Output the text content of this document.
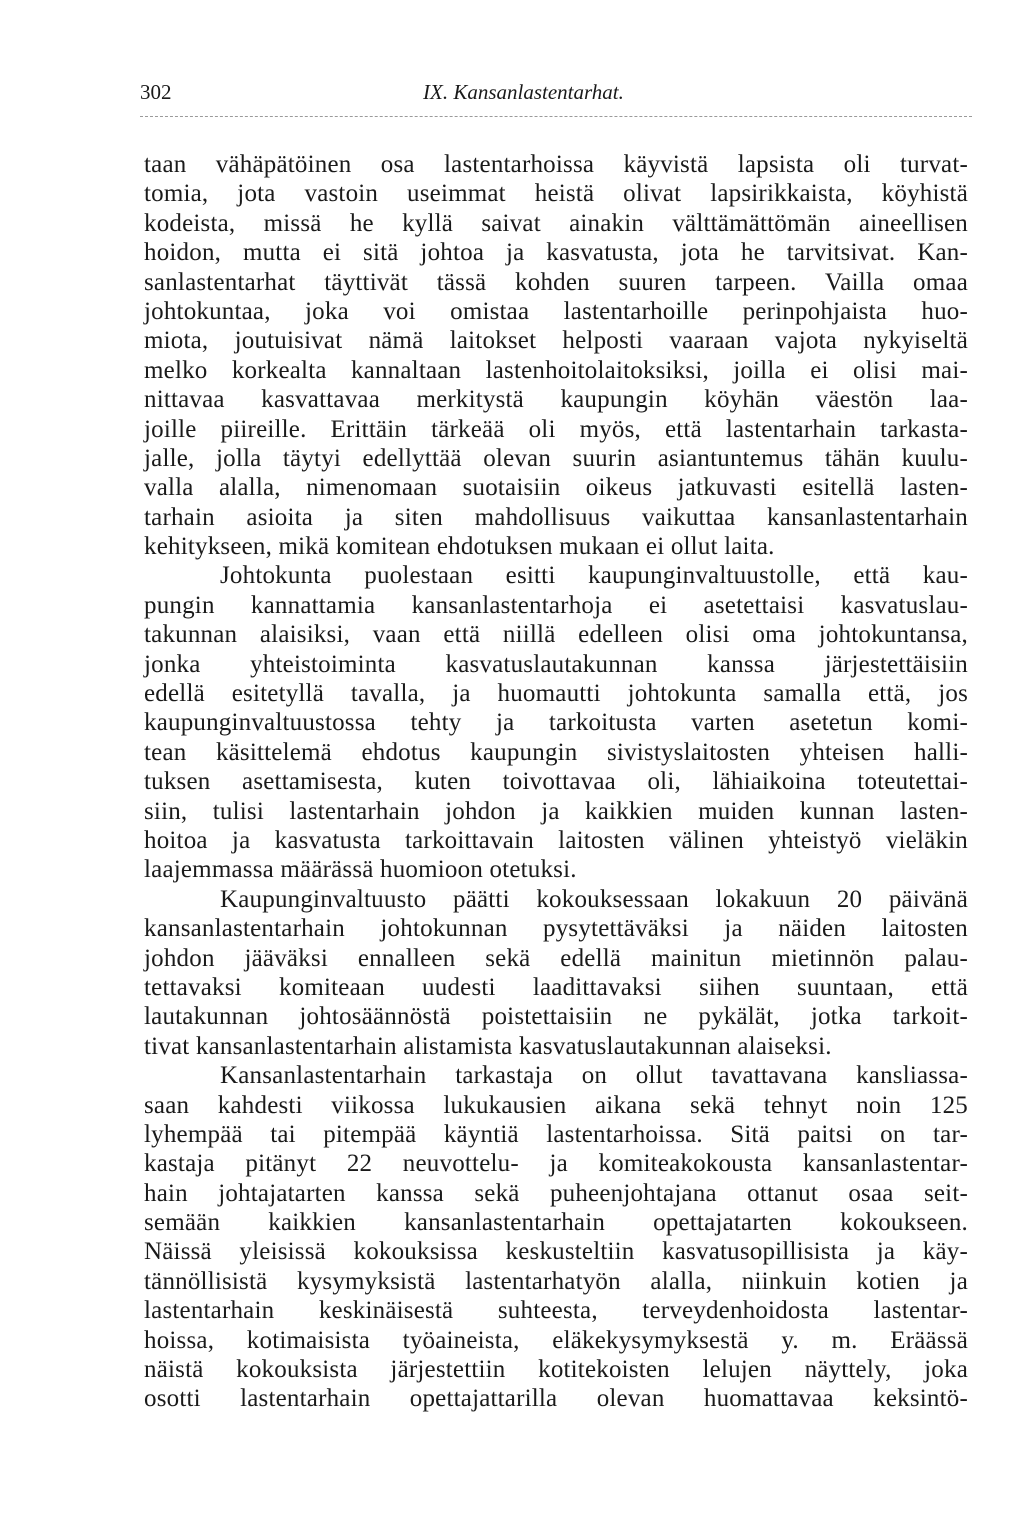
302	IX. Kansanlastentarhat.
taan vähäpätöinen osa lastentarhoissa käyvistä lapsista oli turvat-
tomia, jota vastoin useimmat heistä olivat lapsirikkaista, köyhistä
kodeista, missä he kyllä saivat ainakin välttämättömän aineellisen
hoidon, mutta ei sitä johtoa ja kasvatusta, jota he tarvitsivat. Kan-
sanlastentarhat täyttivät tässä kohden suuren tarpeen. Vailla omaa
johtokuntaa, joka voi omistaa lastentarhoille perinpohjaista huo-
miota, joutuisivat nämä laitokset helposti vaaraan vajota nykyiseltä
melko korkealta kannaltaan lastenhoitolaitoksiksi, joilla ei olisi mai-
nittavaa kasvattavaa merkitystä kaupungin köyhän väestön laa-
joille piireille. Erittäin tärkeää oli myös, että lastentarhain tarkasta-
jalle, jolla täytyi edellyttää olevan suurin asiantuntemus tähän kuulu-
valla alalla, nimenomaan suotaisiin oikeus jatkuvasti esitellä lasten-
tarhain asioita ja siten mahdollisuus vaikuttaa kansanlastentarhain
kehitykseen, mikä komitean ehdotuksen mukaan ei ollut laita.
Johtokunta puolestaan esitti kaupunginvaltuustolle, että kau-
pungin kannattamia kansanlastentarhoja ei asetettaisi kasvatuslau-
takunnan alaisiksi, vaan että niillä edelleen olisi oma johtokuntansa,
jonka yhteistoiminta kasvatuslautakunnan kanssa järjestettäisiin
edellä esitetyllä tavalla, ja huomautti johtokunta samalla että, jos
kaupunginvaltuustossa tehty ja tarkoitusta varten asetetun komi-
tean käsittelemä ehdotus kaupungin sivistyslaitosten yhteisen halli-
tuksen asettamisesta, kuten toivottavaa oli, lähiaikoina toteutettai-
siin, tulisi lastentarhain johdon ja kaikkien muiden kunnan lasten-
hoitoa ja kasvatusta tarkoittavain laitosten välinen yhteistyö vieläkin
laajemmassa määrässä huomioon otetuksi.
Kaupunginvaltuusto päätti kokouksessaan lokakuun 20 päivänä
kansanlastentarhain johtokunnan pysytettäväksi ja näiden laitosten
johdon jääväksi ennalleen sekä edellä mainitun mietinnön palau-
tettavaksi komiteaan uudesti laadittavaksi siihen suuntaan, että
lautakunnan johtosäännöstä poistettaisiin ne pykälät, jotka tarkoit-
tivat kansanlastentarhain alistamista kasvatuslautakunnan alaiseksi.
Kansanlastentarhain tarkastaja on ollut tavattavana kansliassa-
saan kahdesti viikossa lukukausien aikana sekä tehnyt noin 125
lyhempää tai pitempää käyntiä lastentarhoissa. Sitä paitsi on tar-
kastaja pitänyt 22 neuvottelu- ja komiteakokousta kansanlastentar-
hain johtajatarten kanssa sekä puheenjohtajana ottanut osaa seit-
semään kaikkien kansanlastentarhain opettajatarten kokoukseen.
Näissä yleisissä kokouksissa keskusteltiin kasvatusopillisista ja käy-
tännöllisistä kysymyksistä lastentarhatyön alalla, niinkuin kotien ja
lastentarhain keskinäisestä suhteesta, terveydenhoidosta lastentar-
hoissa, kotimaisista työaineista, eläkekysymyksestä y. m. Eräässä
näistä kokouksista järjestettiin kotitekoisten lelujen näyttely, joka
osotti lastentarhain opettajattarilla olevan huomattavaa keksintö-
